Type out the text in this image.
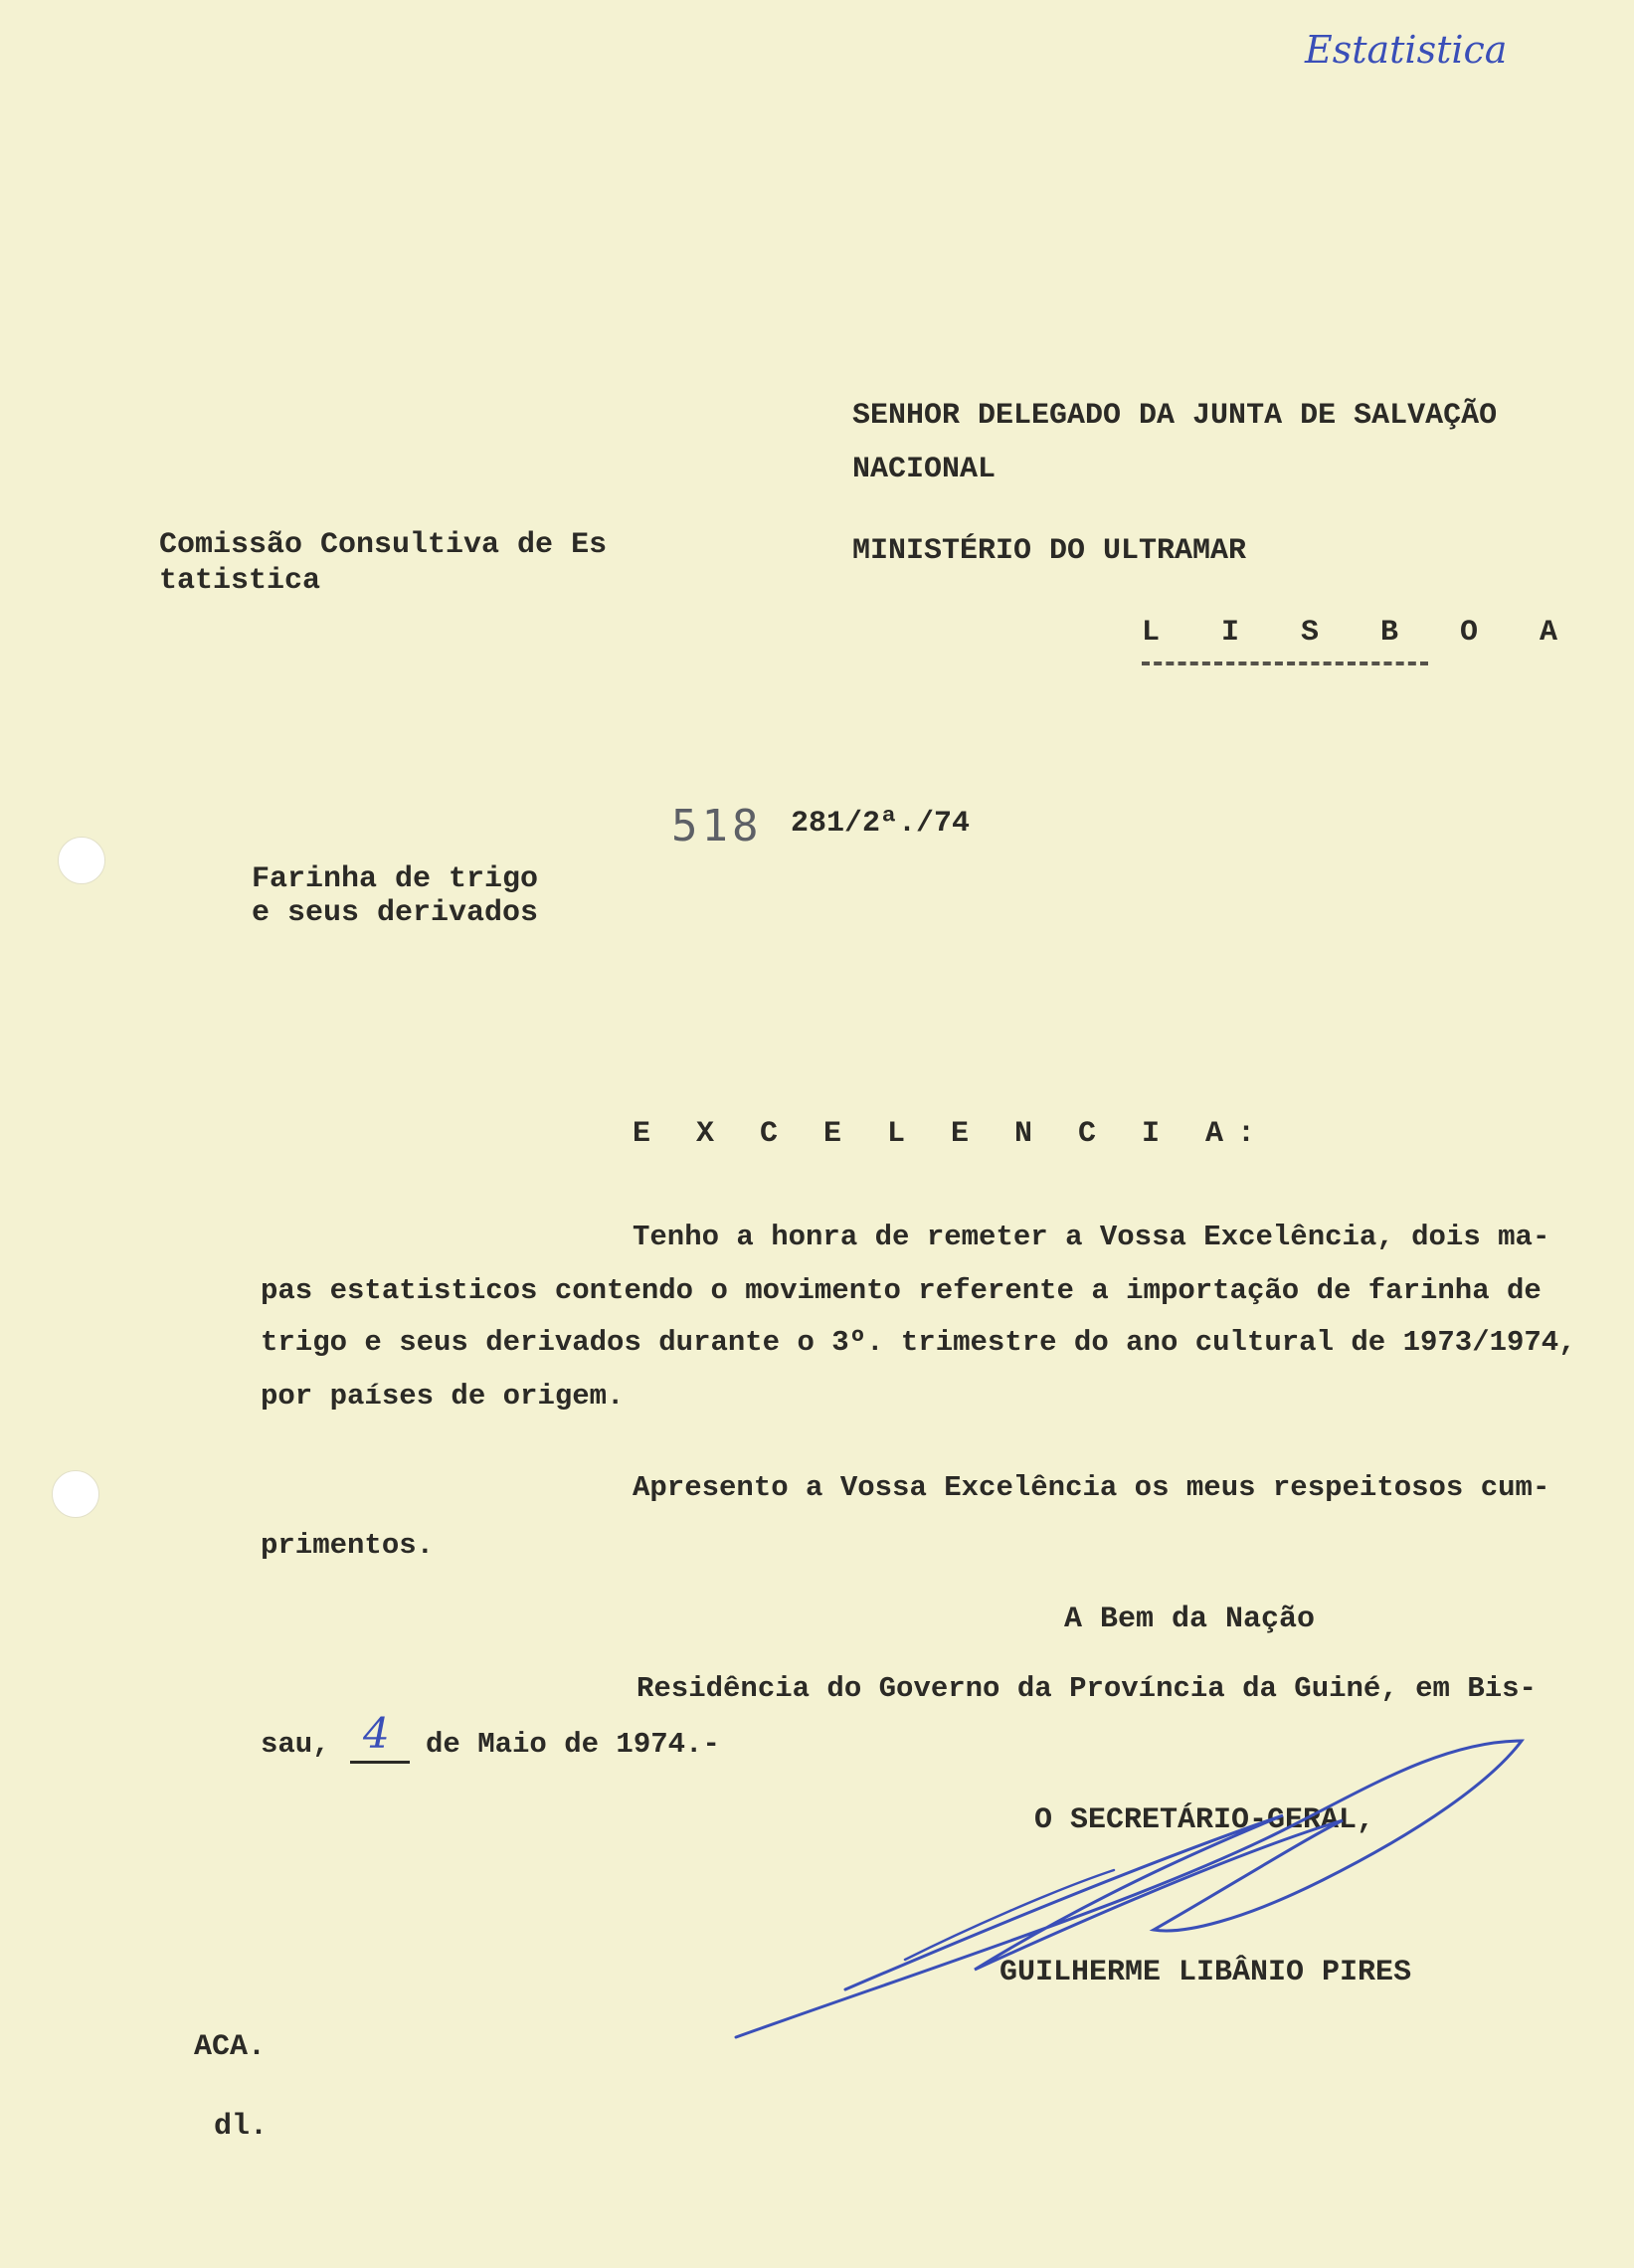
Estatistica
SENHOR DELEGADO DA JUNTA DE SALVAÇÃO
NACIONAL
MINISTÉRIO DO ULTRAMAR
L I S B O A
Comissão Consultiva de Es
tatistica
518 281/2ª./74
Farinha de trigo
e seus derivados
E X C E L E N C I A:
Tenho a honra de remeter a Vossa Excelência, dois ma-
pas estatisticos contendo o movimento referente a importação de farinha de
trigo e seus derivados durante o 3º. trimestre do ano cultural de 1973/1974,
por países de origem.
Apresento a Vossa Excelência os meus respeitosos cum-
primentos.
A Bem da Nação
Residência do Governo da Província da Guiné, em Bis-
sau, 4 de Maio de 1974.-
O SECRETÁRIO-GERAL,
GUILHERME LIBÂNIO PIRES
ACA.
dl.
